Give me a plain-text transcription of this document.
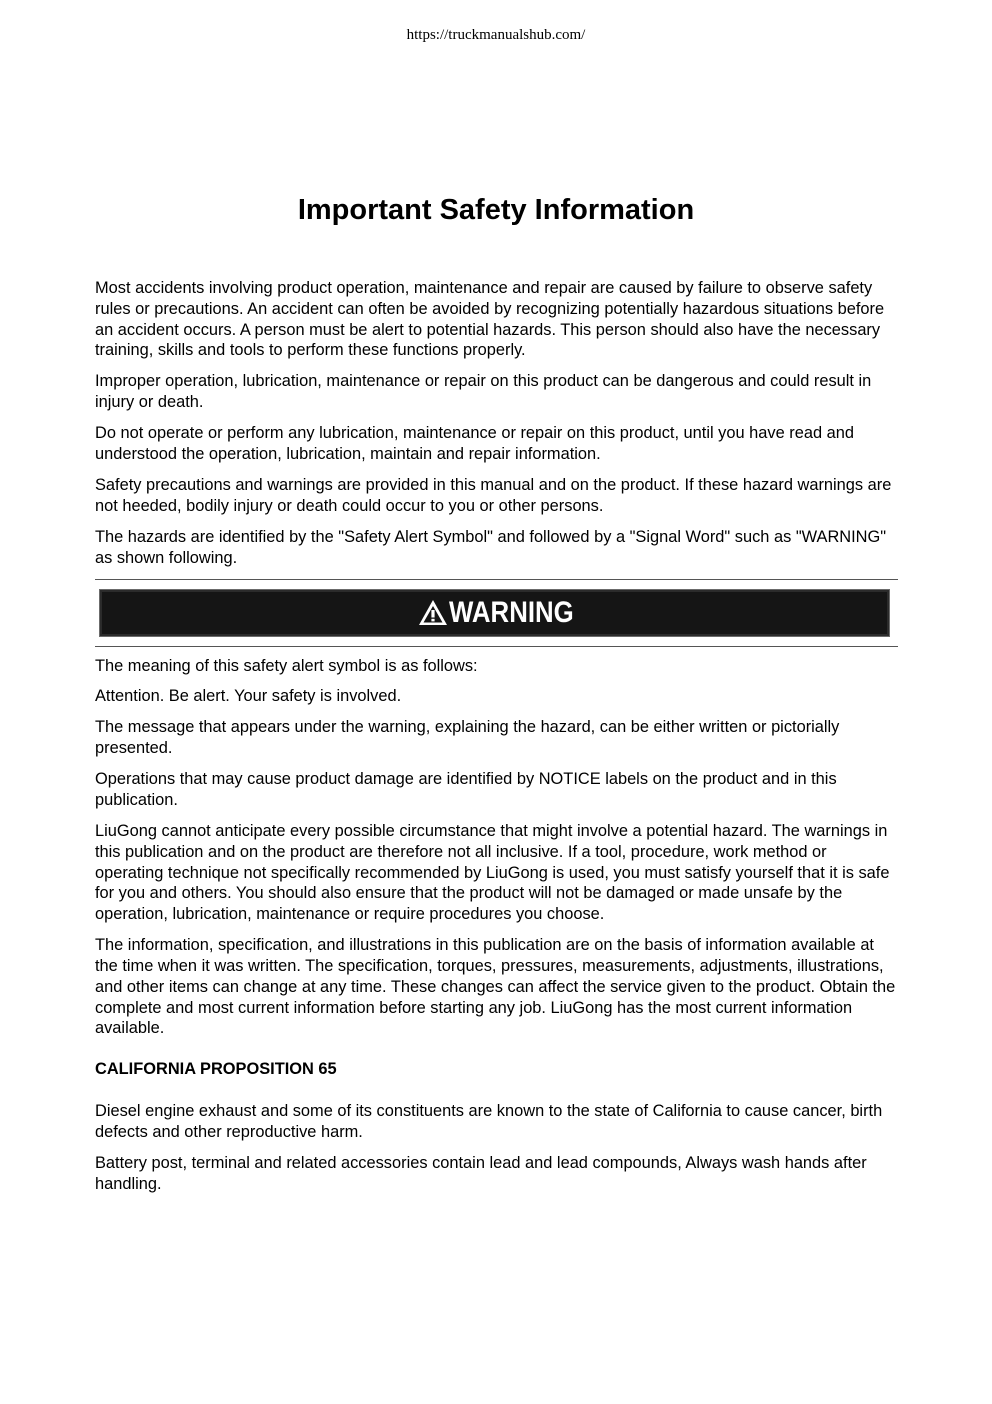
https://truckmanualshub.com/
Important Safety Information

Most accidents involving product operation, maintenance and repair are caused by failure to observe safety rules or precautions. An accident can often be avoided by recognizing potentially hazardous situations before an accident occurs. A person must be alert to potential hazards. This person should also have the necessary training, skills and tools to perform these functions properly.

Improper operation, lubrication, maintenance or repair on this product can be dangerous and could result in injury or death.

Do not operate or perform any lubrication, maintenance or repair on this product, until you have read and understood the operation, lubrication, maintain and repair information.

Safety precautions and warnings are provided in this manual and on the product. If these hazard warnings are not heeded, bodily injury or death could occur to you or other persons.

The hazards are identified by the "Safety Alert Symbol" and followed by a "Signal Word" such as "WARNING" as shown following.

WARNING

The meaning of this safety alert symbol is as follows:

Attention. Be alert. Your safety is involved.

The message that appears under the warning, explaining the hazard, can be either written or pictorially presented.

Operations that may cause product damage are identified by NOTICE labels on the product and in this publication.

LiuGong cannot anticipate every possible circumstance that might involve a potential hazard. The warnings in this publication and on the product are therefore not all inclusive. If a tool, procedure, work method or operating technique not specifically recommended by LiuGong is used, you must satisfy yourself that it is safe for you and others. You should also ensure that the product will not be damaged or made unsafe by the operation, lubrication, maintenance or require procedures you choose.

The information, specification, and illustrations in this publication are on the basis of information available at the time when it was written. The specification, torques, pressures, measurements, adjustments, illustrations, and other items can change at any time. These changes can affect the service given to the product. Obtain the complete and most current information before starting any job. LiuGong has the most current information available.

CALIFORNIA PROPOSITION 65

Diesel engine exhaust and some of its constituents are known to the state of California to cause cancer, birth defects and other reproductive harm.

Battery post, terminal and related accessories contain lead and lead compounds, Always wash hands after handling.
